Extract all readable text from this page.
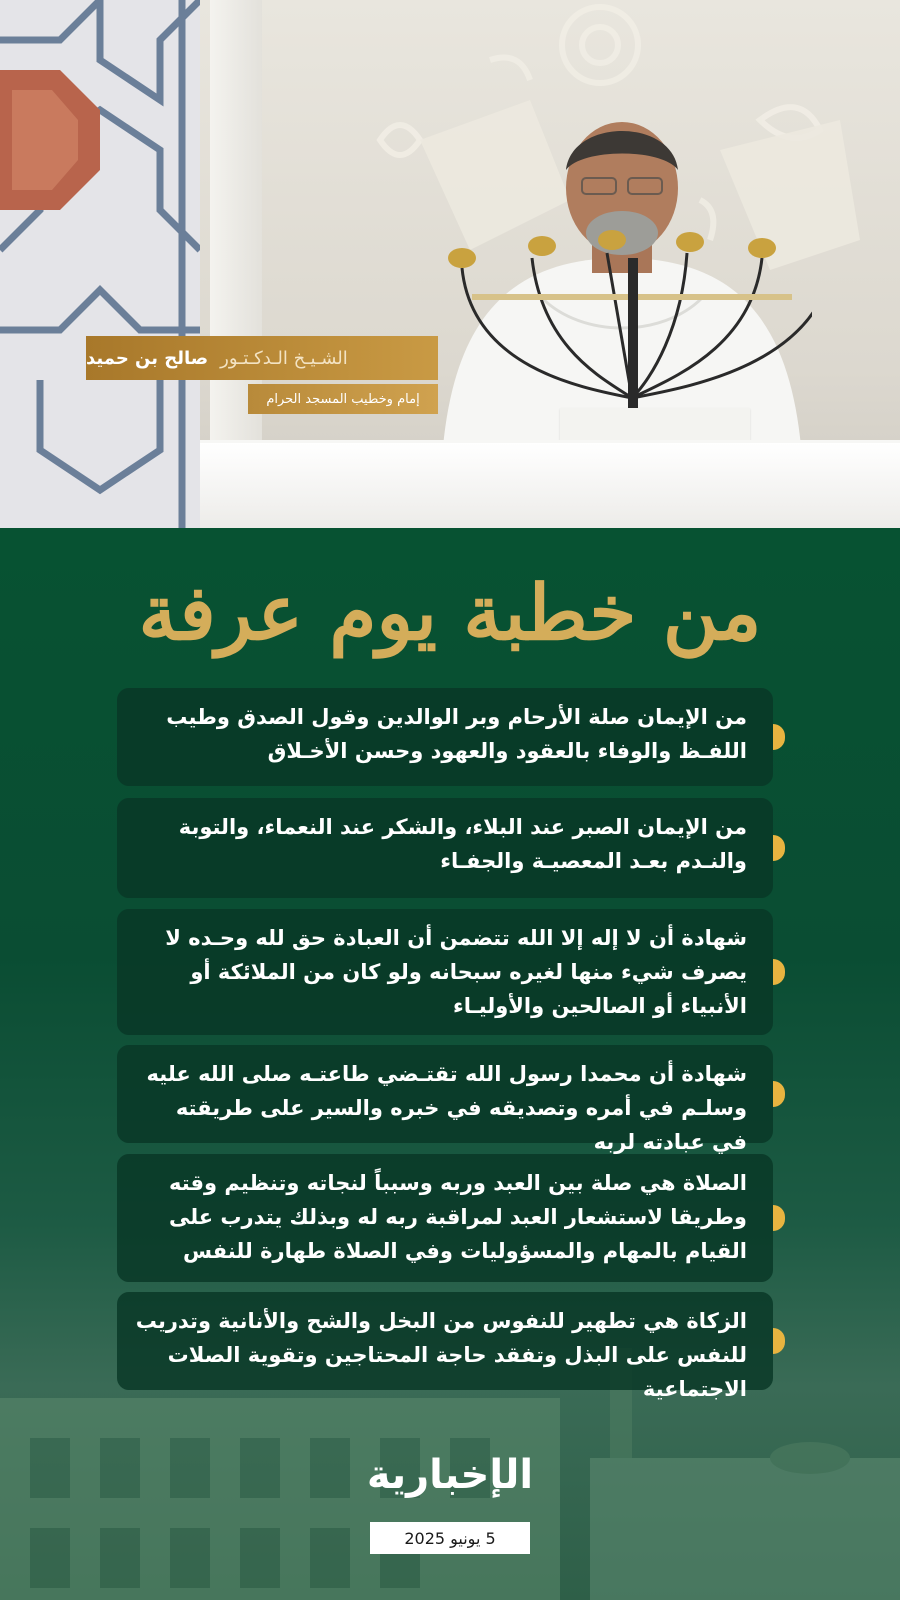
الشـيـخ الـدكـتـور
صالح بن حميد
إمام وخطيب المسجد الحرام
من خطبة يوم عرفة
من الإيمان صلة الأرحام وبر الوالدين وقول الصدق وطيب اللفـظ والوفاء بالعقود والعهود وحسن الأخـلاق
من الإيمان الصبر عند البلاء، والشكر عند النعماء، والتوبة والنـدم بعـد المعصيـة والجفـاء
شهادة أن لا إله إلا الله تتضمن أن العبادة حق لله وحـده لا يصرف شيء منها لغيره سبحانه ولو كان من الملائكة أو الأنبياء أو الصالحين والأوليـاء
شهادة أن محمدا رسول الله تقتـضي طاعتـه صلى الله عليه وسلـم في أمره وتصديقه في خبره والسير على طريقته في عبادته لربه
الصلاة هي صلة بين العبد وربه وسبباً لنجاته وتنظيم وقته وطريقا لاستشعار العبد لمراقبة ربه له وبذلك يتدرب على القيام بالمهام والمسؤوليات وفي الصلاة طهارة للنفس
الزكاة هي تطهير للنفوس من البخل والشح والأنانية وتدريب للنفس على البذل وتفقد حاجة المحتاجين وتقوية الصلات الاجتماعية
الإخبارية
5 يونيو 2025
